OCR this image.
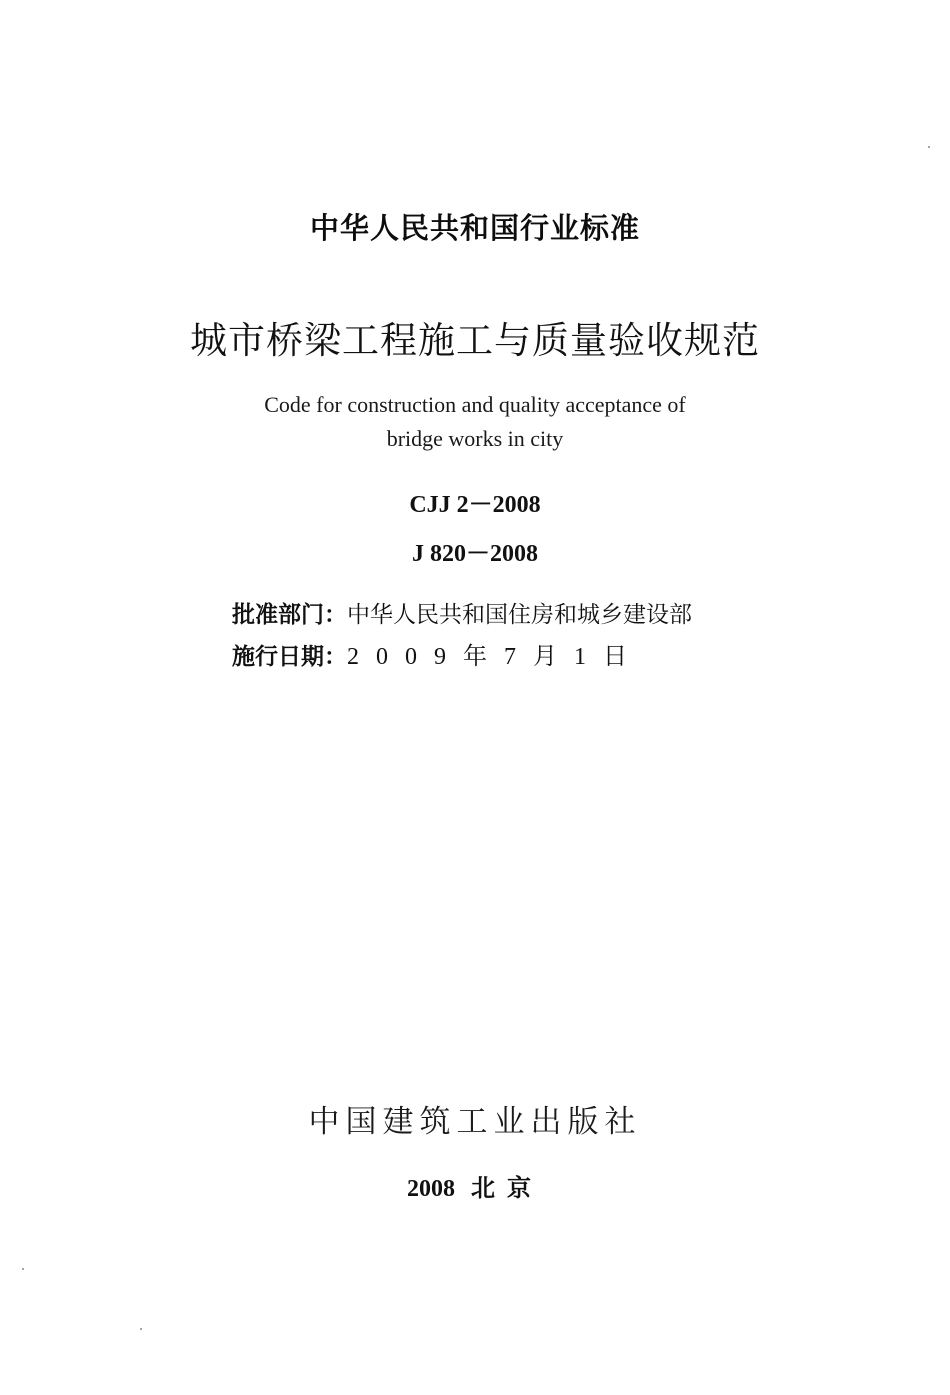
中华人民共和国行业标准
城市桥梁工程施工与质量验收规范
Code for construction and quality acceptance of
bridge works in city
CJJ 2－2008
J 820－2008
批准部门：中华人民共和国住房和城乡建设部
施行日期：2009年7月1日
中国建筑工业出版社
2008 北京
